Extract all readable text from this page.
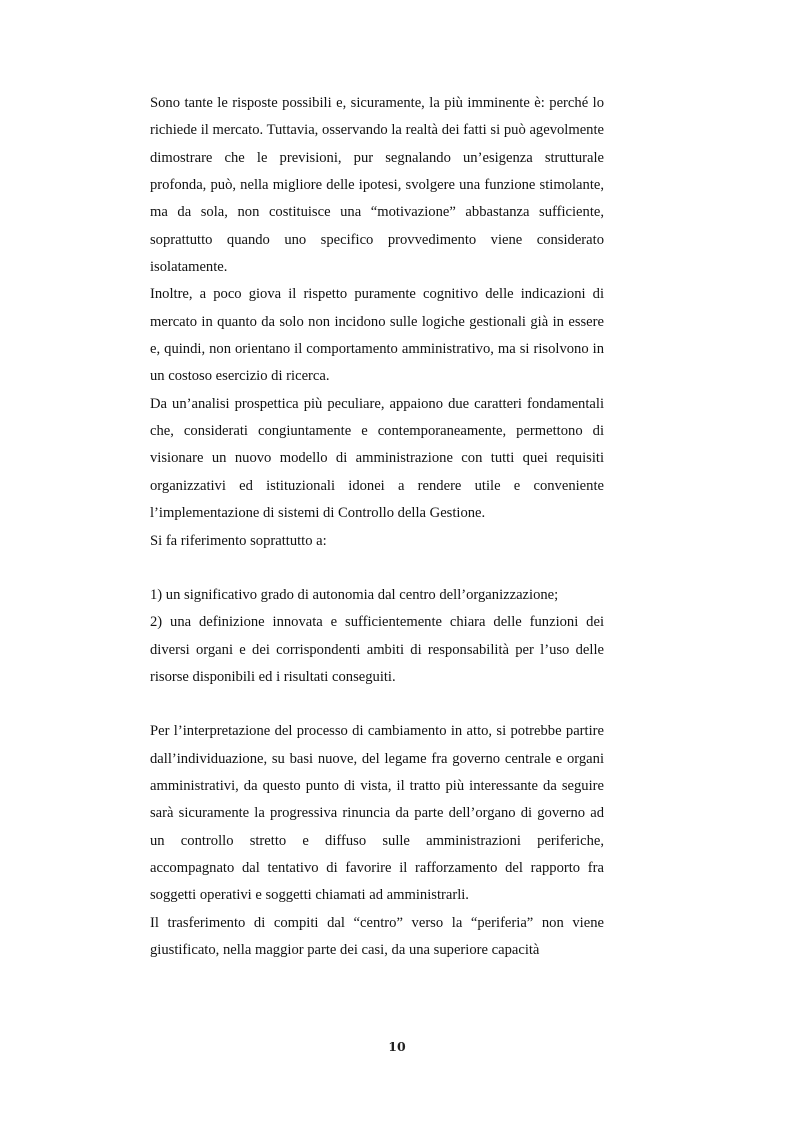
Sono tante le risposte possibili e, sicuramente, la più imminente è: perché lo richiede il mercato. Tuttavia, osservando la realtà dei fatti si può agevolmente dimostrare che le previsioni, pur segnalando un’esigenza strutturale profonda, può, nella migliore delle ipotesi, svolgere una funzione stimolante, ma da sola, non costituisce una “motivazione” abbastanza sufficiente, soprattutto quando uno specifico provvedimento viene considerato isolatamente.

Inoltre, a poco giova il rispetto puramente cognitivo delle indicazioni di mercato in quanto da solo non incidono sulle logiche gestionali già in essere e, quindi, non orientano il comportamento amministrativo, ma si risolvono in un costoso esercizio di ricerca.

Da un’analisi prospettica più peculiare, appaiono due caratteri fondamentali che, considerati congiuntamente e contemporaneamente, permettono di visionare un nuovo modello di amministrazione con tutti quei requisiti organizzativi ed istituzionali idonei a rendere utile e conveniente l’implementazione di sistemi di Controllo della Gestione.

Si fa riferimento soprattutto a:

1) un significativo grado di autonomia dal centro dell’organizzazione;

2) una definizione innovata e sufficientemente chiara delle funzioni dei diversi organi e dei corrispondenti ambiti di responsabilità per l’uso delle risorse disponibili ed i risultati conseguiti.

Per l’interpretazione del processo di cambiamento in atto, si potrebbe partire dall’individuazione, su basi nuove, del legame fra governo centrale e organi amministrativi, da questo punto di vista, il tratto più interessante da seguire sarà sicuramente la progressiva rinuncia da parte dell’organo di governo ad un controllo stretto e diffuso sulle amministrazioni periferiche, accompagnato dal tentativo di favorire il rafforzamento del rapporto fra soggetti operativi e soggetti chiamati ad amministrarli.

Il trasferimento di compiti dal “centro” verso la “periferia” non viene giustificato, nella maggior parte dei casi, da una superiore capacità

10
